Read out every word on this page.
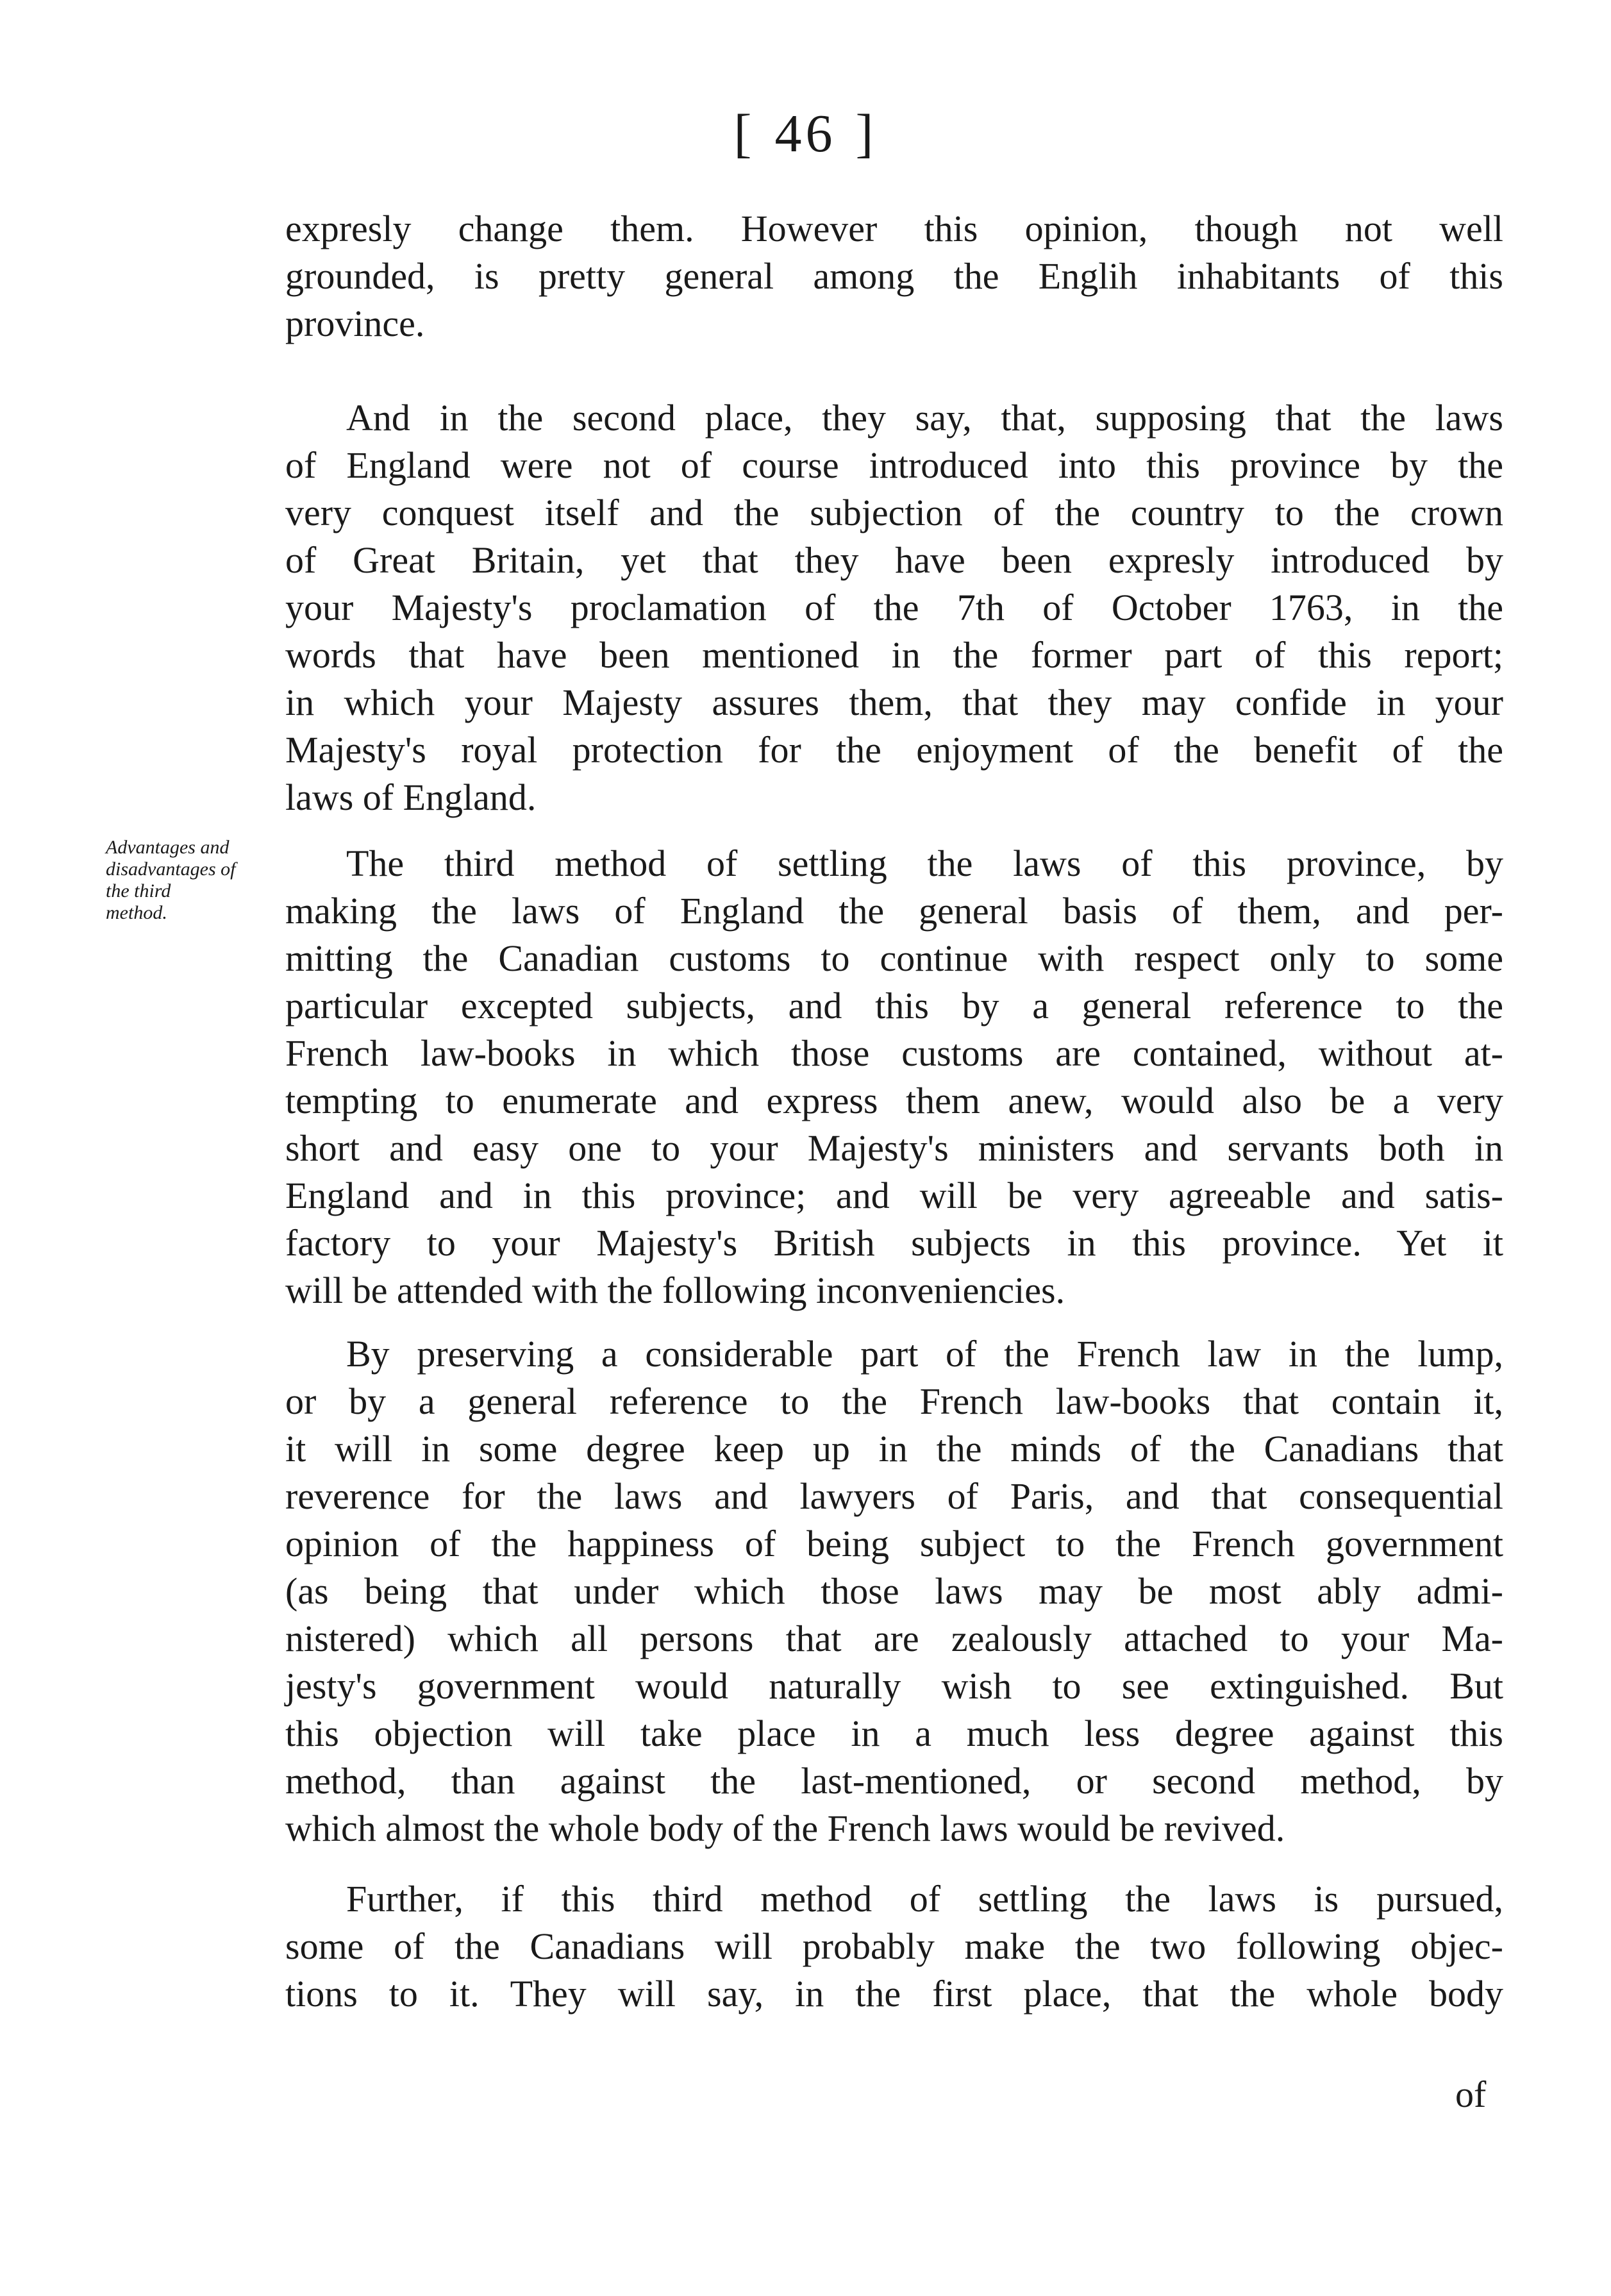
[ 46 ]
expresly change them. However this opinion, though not well
grounded, is pretty general among the Englih inhabitants of this
province.
And in the second place, they say, that, supposing that the laws
of England were not of course introduced into this province by the
very conquest itself and the subjection of the country to the crown
of Great Britain, yet that they have been expresly introduced by
your Majesty's proclamation of the 7th of October 1763, in the
words that have been mentioned in the former part of this report;
in which your Majesty assures them, that they may confide in your
Majesty's royal protection for the enjoyment of the benefit of the
laws of England.
Advantages and
disadvantages of
the third
method.
The third method of settling the laws of this province, by
making the laws of England the general basis of them, and per-
mitting the Canadian customs to continue with respect only to some
particular excepted subjects, and this by a general reference to the
French law-books in which those customs are contained, without at-
tempting to enumerate and express them anew, would also be a very
short and easy one to your Majesty's ministers and servants both in
England and in this province; and will be very agreeable and satis-
factory to your Majesty's British subjects in this province. Yet it
will be attended with the following inconveniencies.
By preserving a considerable part of the French law in the lump,
or by a general reference to the French law-books that contain it,
it will in some degree keep up in the minds of the Canadians that
reverence for the laws and lawyers of Paris, and that consequential
opinion of the happiness of being subject to the French government
(as being that under which those laws may be most ably admi-
nistered) which all persons that are zealously attached to your Ma-
jesty's government would naturally wish to see extinguished. But
this objection will take place in a much less degree against this
method, than against the last-mentioned, or second method, by
which almost the whole body of the French laws would be revived.
Further, if this third method of settling the laws is pursued,
some of the Canadians will probably make the two following objec-
tions to it. They will say, in the first place, that the whole body
of
